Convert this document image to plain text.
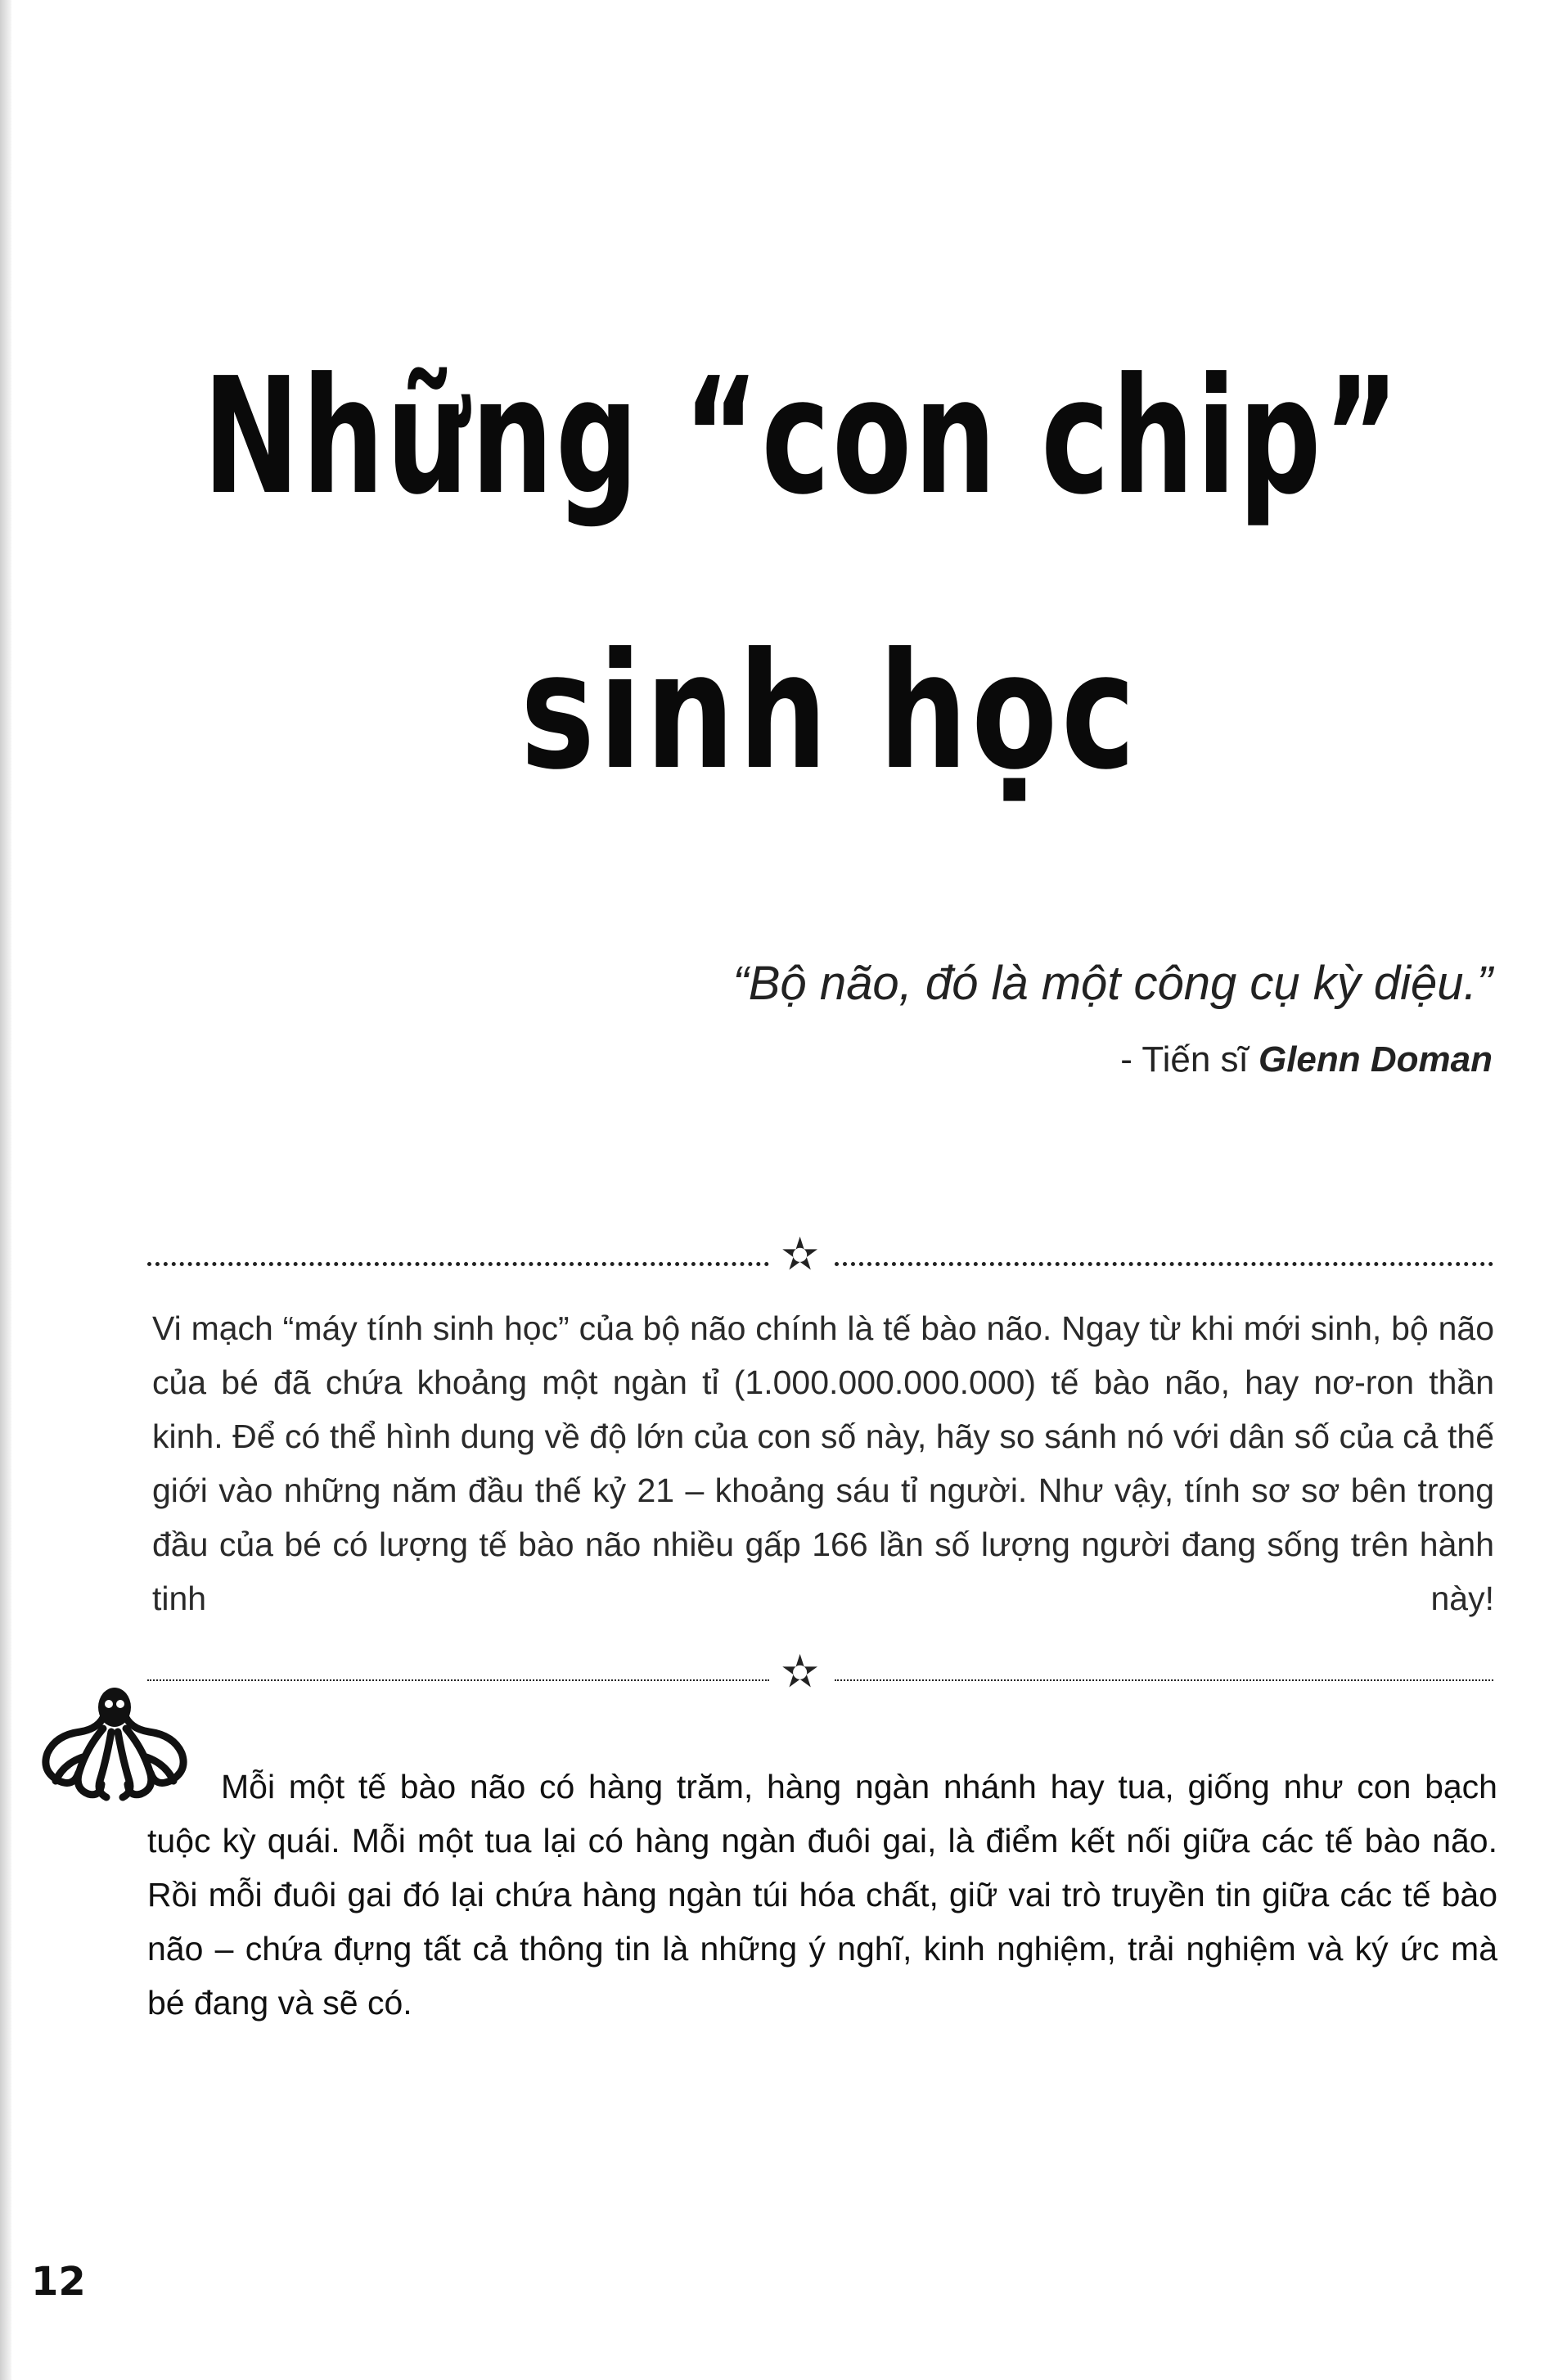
Những “con chip”
sinh học
“Bộ não, đó là một công cụ kỳ diệu.”
- Tiến sĩ Glenn Doman
✫

Vi mạch “máy tính sinh học” của bộ não chính là tế bào não. Ngay từ khi mới sinh, bộ não của bé đã chứa khoảng một ngàn tỉ (1.000.000.000.000) tế bào não, hay nơ-ron thần kinh. Để có thể hình dung về độ lớn của con số này, hãy so sánh nó với dân số của cả thế giới vào những năm đầu thế kỷ 21 – khoảng sáu tỉ người. Như vậy, tính sơ sơ bên trong đầu của bé có lượng tế bào não nhiều gấp 166 lần số lượng người đang sống trên hành tinh này!

✫

Mỗi một tế bào não có hàng trăm, hàng ngàn nhánh hay tua, giống như con bạch tuộc kỳ quái. Mỗi một tua lại có hàng ngàn đuôi gai, là điểm kết nối giữa các tế bào não. Rồi mỗi đuôi gai đó lại chứa hàng ngàn túi hóa chất, giữ vai trò truyền tin giữa các tế bào não – chứa đựng tất cả thông tin là những ý nghĩ, kinh nghiệm, trải nghiệm và ký ức mà bé đang và sẽ có.

12
